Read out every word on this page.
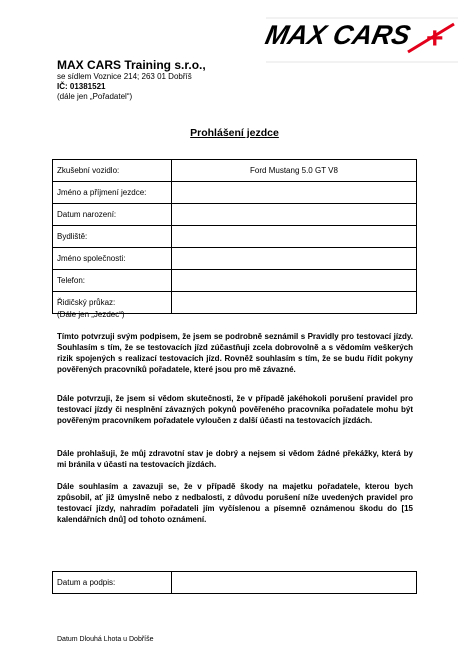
MAX CARS +
MAX CARS Training s.r.o.,
se sídlem Voznice 214; 263 01 Dobříš
IČ: 01381521
(dále jen „Pořadatel“)
Prohlášení jezdce
Zkušební vozidlo:	Ford Mustang 5.0 GT V8
Jméno a příjmení jezdce:	
Datum narození:	
Bydliště:	
Jméno společnosti:	
Telefon:	
Řidičský průkaz:	
(Dále jen „Jezdec“)

Tímto potvrzuji svým podpisem, že jsem se podrobně seznámil s Pravidly pro testovací jízdy. Souhlasím s tím, že se testovacích jízd zúčastňuji zcela dobrovolně a s vědomím veškerých rizik spojených s realizací testovacích jízd. Rovněž souhlasím s tím, že se budu řídit pokyny pověřených pracovníků pořadatele, které jsou pro mě závazné.

Dále potvrzuji, že jsem si vědom skutečnosti, že v případě jakéhokoli porušení pravidel pro testovací jízdy či nesplnění závazných pokynů pověřeného pracovníka pořadatele mohu být pověřeným pracovníkem pořadatele vyloučen z další účasti na testovacích jízdách.

Dále prohlašuji, že můj zdravotní stav je dobrý a nejsem si vědom žádné překážky, která by mi bránila v účasti na testovacích jízdách.

Dále souhlasím a zavazuji se, že v případě škody na majetku pořadatele, kterou bych způsobil, ať již úmyslně nebo z nedbalosti, z důvodu porušení níže uvedených pravidel pro testovací jízdy, nahradím pořadateli jím vyčíslenou a písemně oznámenou škodu do [15 kalendářních dnů] od tohoto oznámení.

Datum a podpis:	
Datum Dlouhá Lhota u Dobříše
